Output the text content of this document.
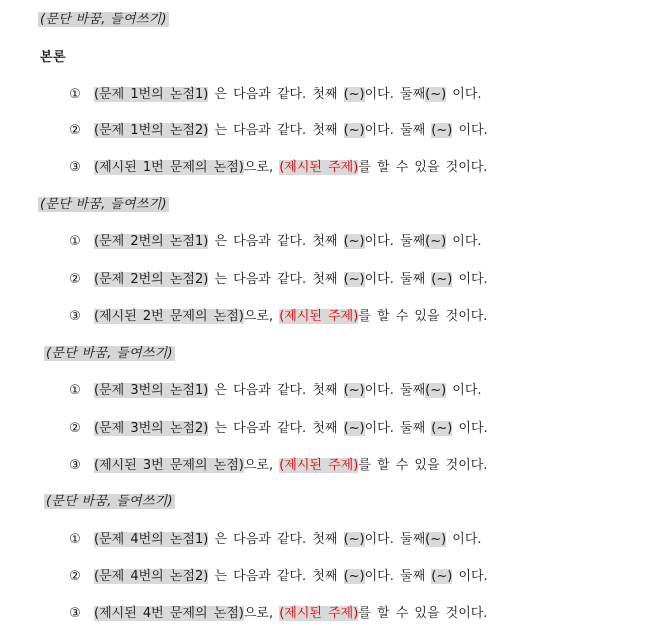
(문단 바꿈, 들여쓰기)
본론
① (문제 1번의 논점1) 은 다음과 같다. 첫째 (~)이다. 둘째(~) 이다.
② (문제 1번의 논점2) 는 다음과 같다. 첫째 (~)이다. 둘째 (~) 이다.
③ (제시된 1번 문제의 논점)으로, (제시된 주제)를 할 수 있을 것이다.
(문단 바꿈, 들여쓰기)
① (문제 2번의 논점1) 은 다음과 같다. 첫째 (~)이다. 둘째(~) 이다.
② (문제 2번의 논점2) 는 다음과 같다. 첫째 (~)이다. 둘째 (~) 이다.
③ (제시된 2번 문제의 논점)으로, (제시된 주제)를 할 수 있을 것이다.
(문단 바꿈, 들여쓰기)
① (문제 3번의 논점1) 은 다음과 같다. 첫째 (~)이다. 둘째(~) 이다.
② (문제 3번의 논점2) 는 다음과 같다. 첫째 (~)이다. 둘째 (~) 이다.
③ (제시된 3번 문제의 논점)으로, (제시된 주제)를 할 수 있을 것이다.
(문단 바꿈, 들여쓰기)
① (문제 4번의 논점1) 은 다음과 같다. 첫째 (~)이다. 둘째(~) 이다.
② (문제 4번의 논점2) 는 다음과 같다. 첫째 (~)이다. 둘째 (~) 이다.
③ (제시된 4번 문제의 논점)으로, (제시된 주제)를 할 수 있을 것이다.
